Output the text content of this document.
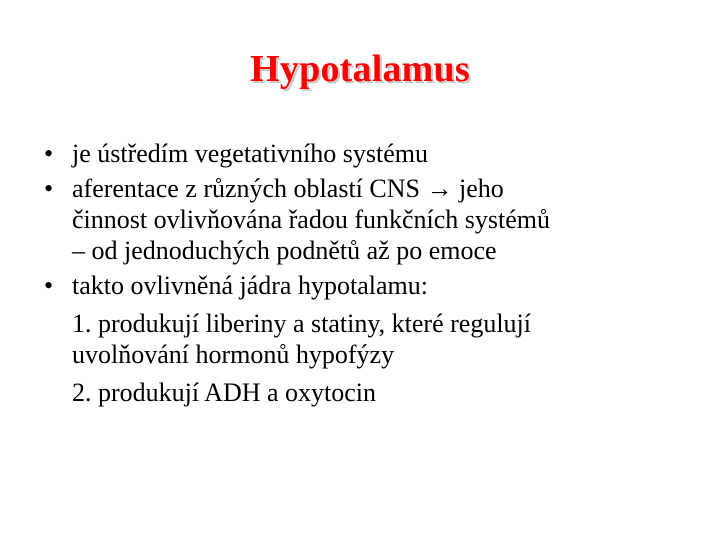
Hypotalamus
• je ústředím vegetativního systému
• aferentace z různých oblastí CNS → jeho
činnost ovlivňována řadou funkčních systémů
– od jednoduchých podnětů až po emoce
• takto ovlivněná jádra hypotalamu:
1. produkují liberiny a statiny, které regulují
uvolňování hormonů hypofýzy
2. produkují ADH a oxytocin
